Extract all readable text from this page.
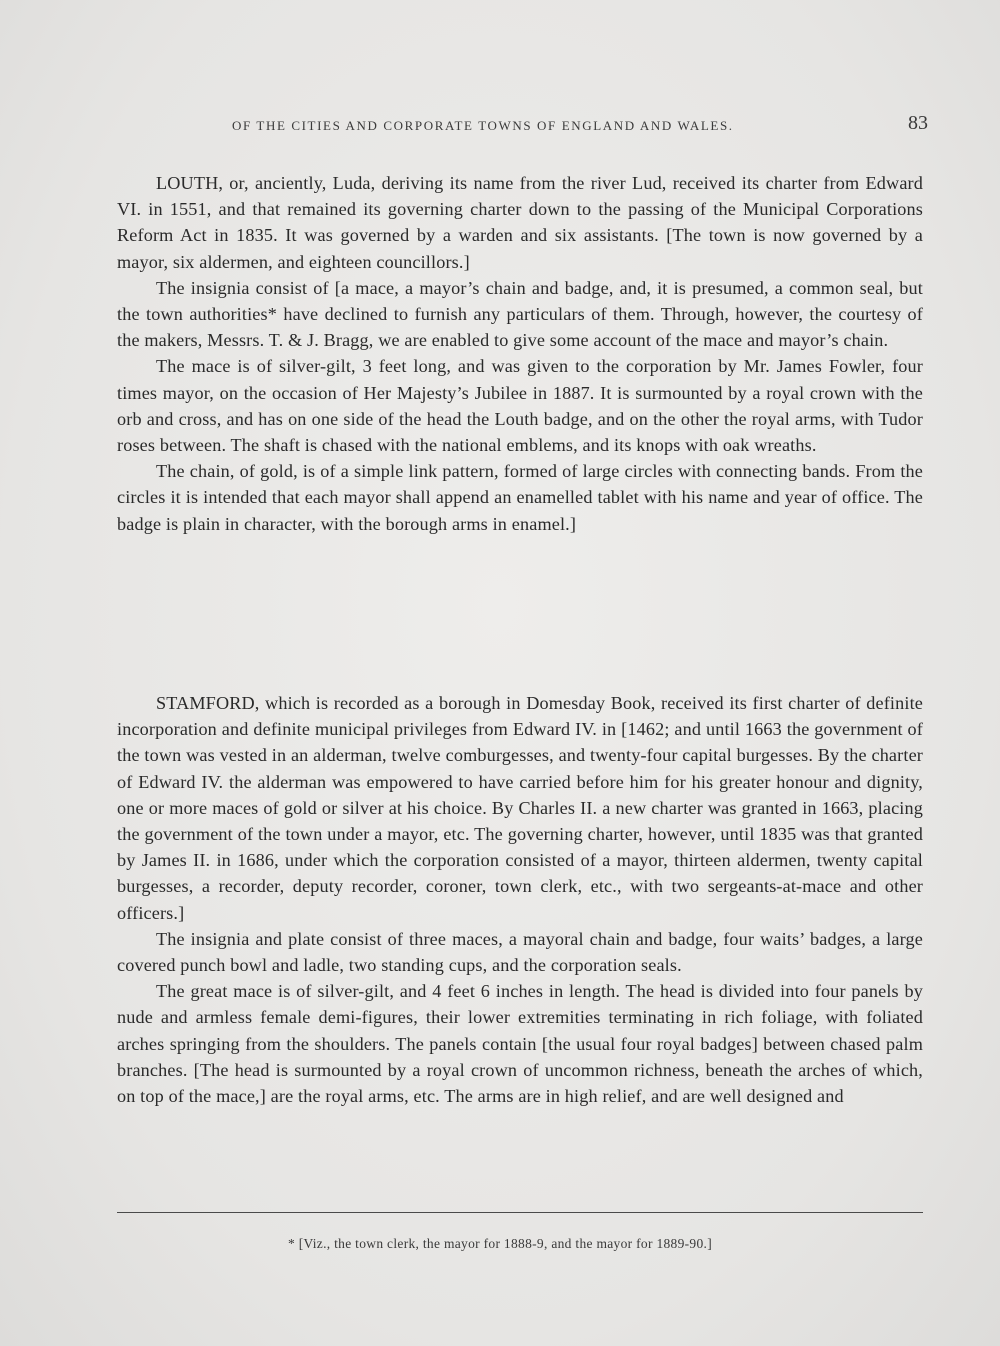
OF THE CITIES AND CORPORATE TOWNS OF ENGLAND AND WALES.	83

LOUTH, or, anciently, Luda, deriving its name from the river Lud, received its charter from Edward VI. in 1551, and that remained its governing charter down to the passing of the Municipal Corporations Reform Act in 1835. It was governed by a warden and six assistants. [The town is now governed by a mayor, six aldermen, and eighteen councillors.]

The insignia consist of [a mace, a mayor’s chain and badge, and, it is presumed, a common seal, but the town authorities* have declined to furnish any particulars of them. Through, however, the courtesy of the makers, Messrs. T. & J. Bragg, we are enabled to give some account of the mace and mayor’s chain.

The mace is of silver-gilt, 3 feet long, and was given to the corporation by Mr. James Fowler, four times mayor, on the occasion of Her Majesty’s Jubilee in 1887. It is surmounted by a royal crown with the orb and cross, and has on one side of the head the Louth badge, and on the other the royal arms, with Tudor roses between. The shaft is chased with the national emblems, and its knops with oak wreaths.

The chain, of gold, is of a simple link pattern, formed of large circles with connecting bands. From the circles it is intended that each mayor shall append an enamelled tablet with his name and year of office. The badge is plain in character, with the borough arms in enamel.]

STAMFORD, which is recorded as a borough in Domesday Book, received its first charter of definite incorporation and definite municipal privileges from Edward IV. in [1462; and until 1663 the government of the town was vested in an alderman, twelve comburgesses, and twenty-four capital burgesses. By the charter of Edward IV. the alderman was empowered to have carried before him for his greater honour and dignity, one or more maces of gold or silver at his choice. By Charles II. a new charter was granted in 1663, placing the government of the town under a mayor, etc. The governing charter, however, until 1835 was that granted by James II. in 1686, under which the corporation consisted of a mayor, thirteen aldermen, twenty capital burgesses, a recorder, deputy recorder, coroner, town clerk, etc., with two sergeants-at-mace and other officers.]

The insignia and plate consist of three maces, a mayoral chain and badge, four waits’ badges, a large covered punch bowl and ladle, two standing cups, and the corporation seals.

The great mace is of silver-gilt, and 4 feet 6 inches in length. The head is divided into four panels by nude and armless female demi-figures, their lower extremities terminating in rich foliage, with foliated arches springing from the shoulders. The panels contain [the usual four royal badges] between chased palm branches. [The head is surmounted by a royal crown of uncommon richness, beneath the arches of which, on top of the mace,] are the royal arms, etc. The arms are in high relief, and are well designed and

* [Viz., the town clerk, the mayor for 1888-9, and the mayor for 1889-90.]
